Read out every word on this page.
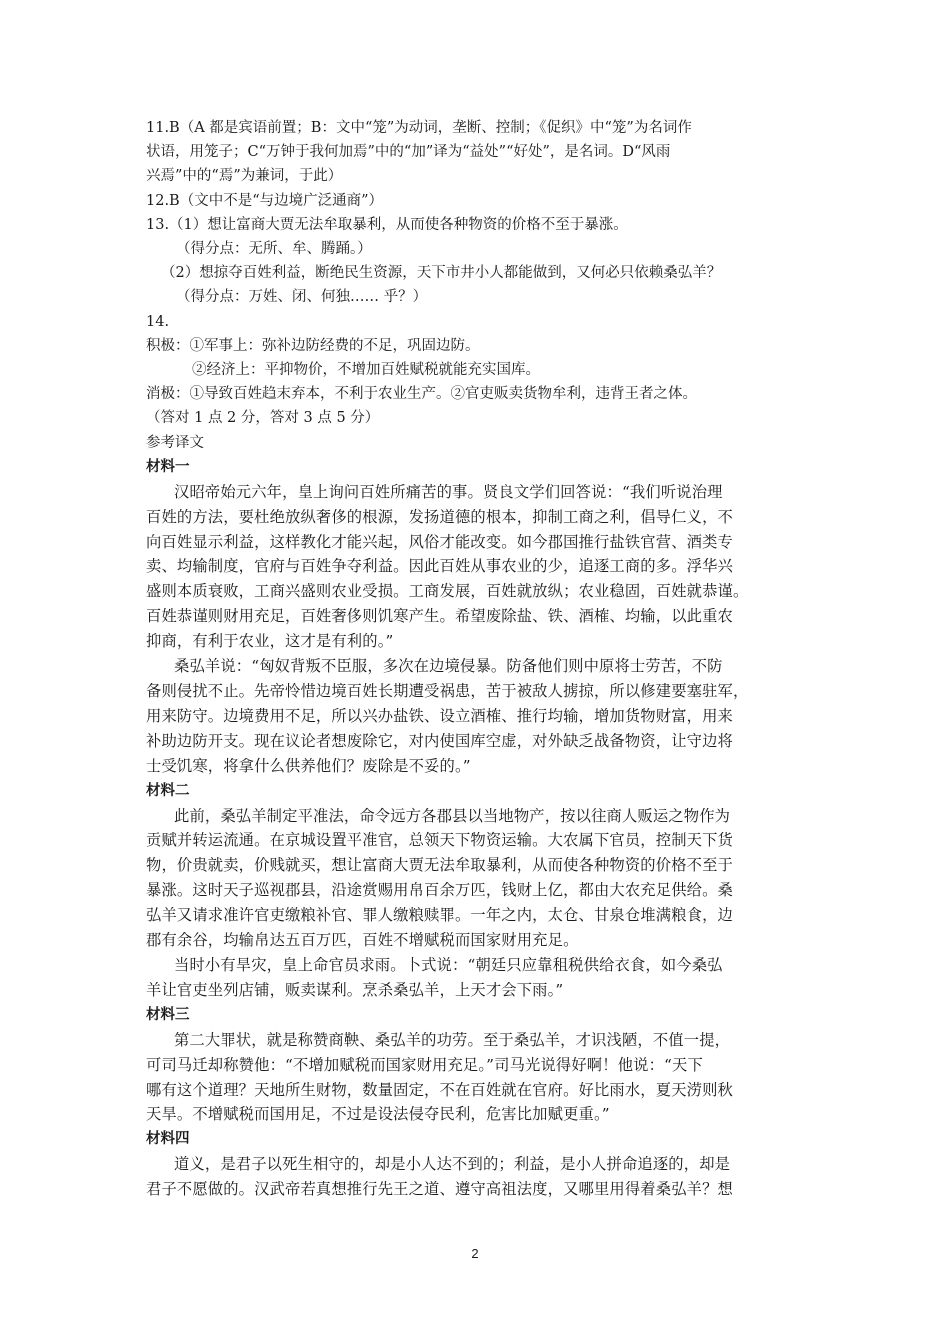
11.B（A 都是宾语前置；B：文中“笼”为动词，垄断、控制；《促织》中“笼”为名词作
状语，用笼子；C“万钟于我何加焉”中的“加”译为“益处”“好处”，是名词。D“风雨
兴焉”中的“焉”为兼词，于此）
12.B（文中不是“与边境广泛通商”）
13.（1）想让富商大贾无法牟取暴利，从而使各种物资的价格不至于暴涨。
（得分点：无所、牟、腾踊。）
（2）想掠夺百姓利益，断绝民生资源，天下市井小人都能做到，又何必只依赖桑弘羊？
（得分点：万姓、闭、何独…… 乎？）
14.
积极：①军事上：弥补边防经费的不足，巩固边防。
②经济上：平抑物价，不增加百姓赋税就能充实国库。
消极：①导致百姓趋末弃本，不利于农业生产。②官吏贩卖货物牟利，违背王者之体。
（答对 1 点 2 分，答对 3 点 5 分）
参考译文
材料一
汉昭帝始元六年，皇上询问百姓所痛苦的事。贤良文学们回答说：“我们听说治理
百姓的方法，要杜绝放纵奢侈的根源，发扬道德的根本，抑制工商之利，倡导仁义，不
向百姓显示利益，这样教化才能兴起，风俗才能改变。如今郡国推行盐铁官营、酒类专
卖、均输制度，官府与百姓争夺利益。因此百姓从事农业的少，追逐工商的多。浮华兴
盛则本质衰败，工商兴盛则农业受损。工商发展，百姓就放纵；农业稳固，百姓就恭谨。
百姓恭谨则财用充足，百姓奢侈则饥寒产生。希望废除盐、铁、酒榷、均输，以此重农
抑商，有利于农业，这才是有利的。”
桑弘羊说：“匈奴背叛不臣服，多次在边境侵暴。防备他们则中原将士劳苦，不防
备则侵扰不止。先帝怜惜边境百姓长期遭受祸患，苦于被敌人掳掠，所以修建要塞驻军，
用来防守。边境费用不足，所以兴办盐铁、设立酒榷、推行均输，增加货物财富，用来
补助边防开支。现在议论者想废除它，对内使国库空虚，对外缺乏战备物资，让守边将
士受饥寒，将拿什么供养他们？废除是不妥的。”
材料二
此前，桑弘羊制定平准法，命令远方各郡县以当地物产，按以往商人贩运之物作为
贡赋并转运流通。在京城设置平准官，总领天下物资运输。大农属下官员，控制天下货
物，价贵就卖，价贱就买，想让富商大贾无法牟取暴利，从而使各种物资的价格不至于
暴涨。这时天子巡视郡县，沿途赏赐用帛百余万匹，钱财上亿，都由大农充足供给。桑
弘羊又请求准许官吏缴粮补官、罪人缴粮赎罪。一年之内，太仓、甘泉仓堆满粮食，边
郡有余谷，均输帛达五百万匹，百姓不增赋税而国家财用充足。
当时小有旱灾，皇上命官员求雨。卜式说：“朝廷只应靠租税供给衣食，如今桑弘
羊让官吏坐列店铺，贩卖谋利。烹杀桑弘羊，上天才会下雨。”
材料三
第二大罪状，就是称赞商鞅、桑弘羊的功劳。至于桑弘羊，才识浅陋，不值一提，
可司马迁却称赞他：“不增加赋税而国家财用充足。”司马光说得好啊！他说：“天下
哪有这个道理？天地所生财物，数量固定，不在百姓就在官府。好比雨水，夏天涝则秋
天旱。不增赋税而国用足，不过是设法侵夺民利，危害比加赋更重。”
材料四
道义，是君子以死生相守的，却是小人达不到的；利益，是小人拼命追逐的，却是
君子不愿做的。汉武帝若真想推行先王之道、遵守高祖法度，又哪里用得着桑弘羊？想
2
